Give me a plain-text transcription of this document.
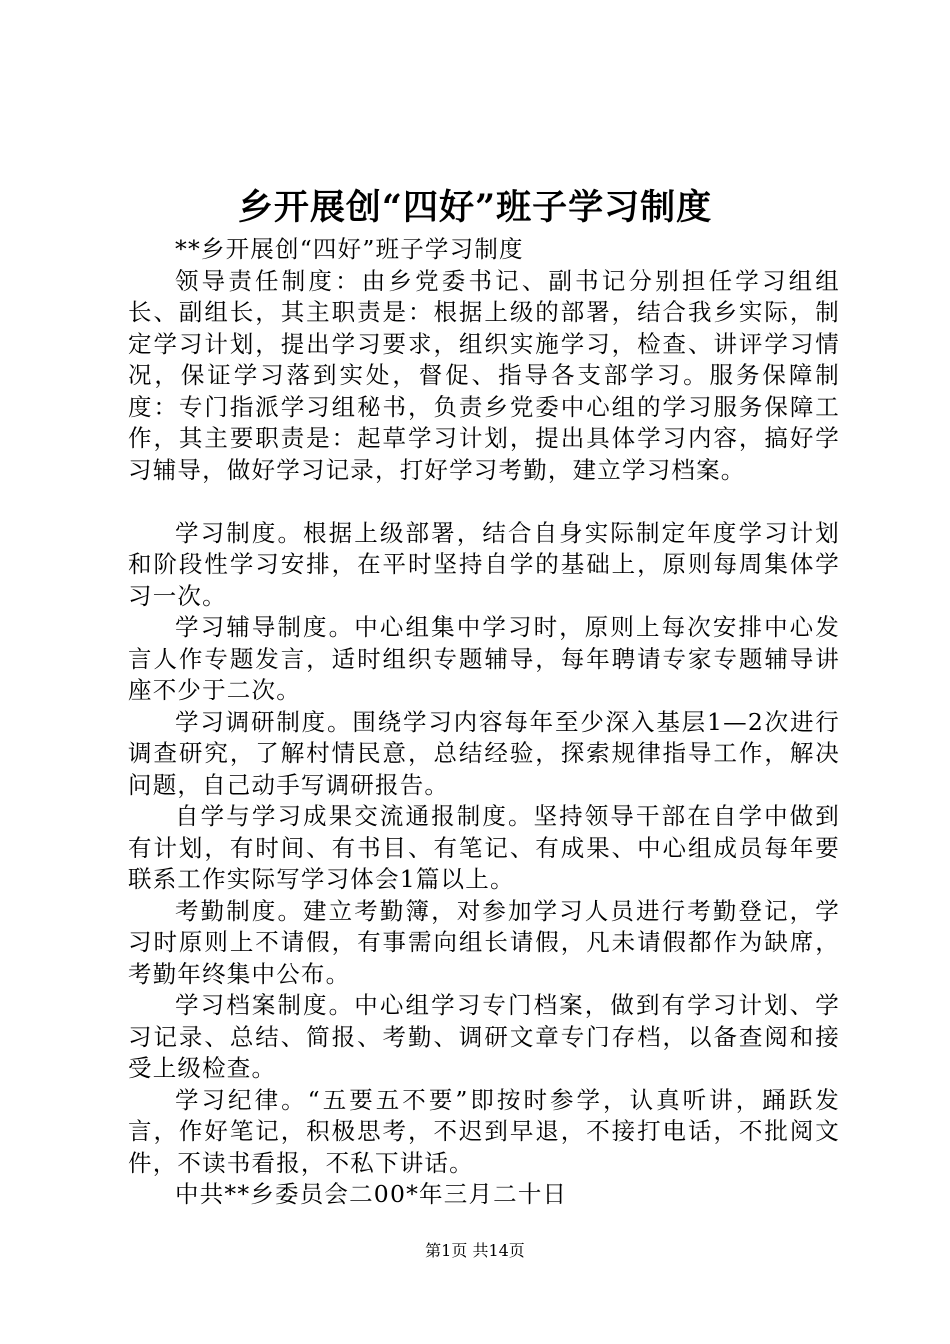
乡开展创“四好”班子学习制度

**乡开展创“四好”班子学习制度

领导责任制度：由乡党委书记、副书记分别担任学习组组长、副组长，其主职责是：根据上级的部署，结合我乡实际，制定学习计划，提出学习要求，组织实施学习，检查、讲评学习情况，保证学习落到实处，督促、指导各支部学习。服务保障制度：专门指派学习组秘书，负责乡党委中心组的学习服务保障工作，其主要职责是：起草学习计划，提出具体学习内容，搞好学习辅导，做好学习记录，打好学习考勤，建立学习档案。

学习制度。根据上级部署，结合自身实际制定年度学习计划和阶段性学习安排，在平时坚持自学的基础上，原则每周集体学习一次。

学习辅导制度。中心组集中学习时，原则上每次安排中心发言人作专题发言，适时组织专题辅导，每年聘请专家专题辅导讲座不少于二次。

学习调研制度。围绕学习内容每年至少深入基层1—2次进行调查研究，了解村情民意，总结经验，探索规律指导工作，解决问题，自己动手写调研报告。

自学与学习成果交流通报制度。坚持领导干部在自学中做到有计划，有时间、有书目、有笔记、有成果、中心组成员每年要联系工作实际写学习体会1篇以上。

考勤制度。建立考勤簿，对参加学习人员进行考勤登记，学习时原则上不请假，有事需向组长请假，凡未请假都作为缺席，考勤年终集中公布。

学习档案制度。中心组学习专门档案，做到有学习计划、学习记录、总结、简报、考勤、调研文章专门存档，以备查阅和接受上级检查。

学习纪律。“五要五不要”即按时参学，认真听讲，踊跃发言，作好笔记，积极思考，不迟到早退，不接打电话，不批阅文件，不读书看报，不私下讲话。

中共**乡委员会二00*年三月二十日

第1页 共14页
